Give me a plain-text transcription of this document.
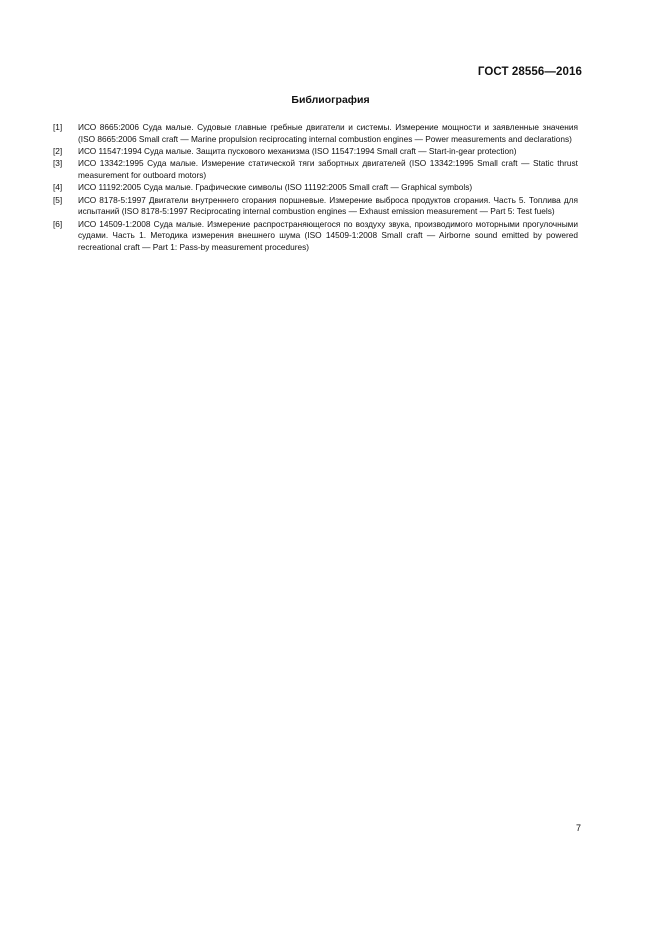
ГОСТ 28556—2016
Библиография
[1]	ИСО 8665:2006 Суда малые. Судовые главные гребные двигатели и системы. Измерение мощности и заявленные значения (ISO 8665:2006 Small craft — Marine propulsion reciprocating internal combustion engines — Power measurements and declarations)
[2]	ИСО 11547:1994 Суда малые. Защита пускового механизма (ISO 11547:1994 Small craft — Start-in-gear protection)
[3]	ИСО 13342:1995 Суда малые. Измерение статической тяги забортных двигателей (ISO 13342:1995 Small craft — Static thrust measurement for outboard motors)
[4]	ИСО 11192:2005 Суда малые. Графические символы (ISO 11192:2005 Small craft — Graphical symbols)
[5]	ИСО 8178-5:1997 Двигатели внутреннего сгорания поршневые. Измерение выброса продуктов сгорания. Часть 5. Топлива для испытаний (ISO 8178-5:1997 Reciprocating internal combustion engines — Exhaust emission measurement — Part 5: Test fuels)
[6]	ИСО 14509-1:2008 Суда малые. Измерение распространяющегося по воздуху звука, производимого моторными прогулочными судами. Часть 1. Методика измерения внешнего шума (ISO 14509-1:2008 Small craft — Airborne sound emitted by powered recreational craft — Part 1: Pass-by measurement procedures)
7
